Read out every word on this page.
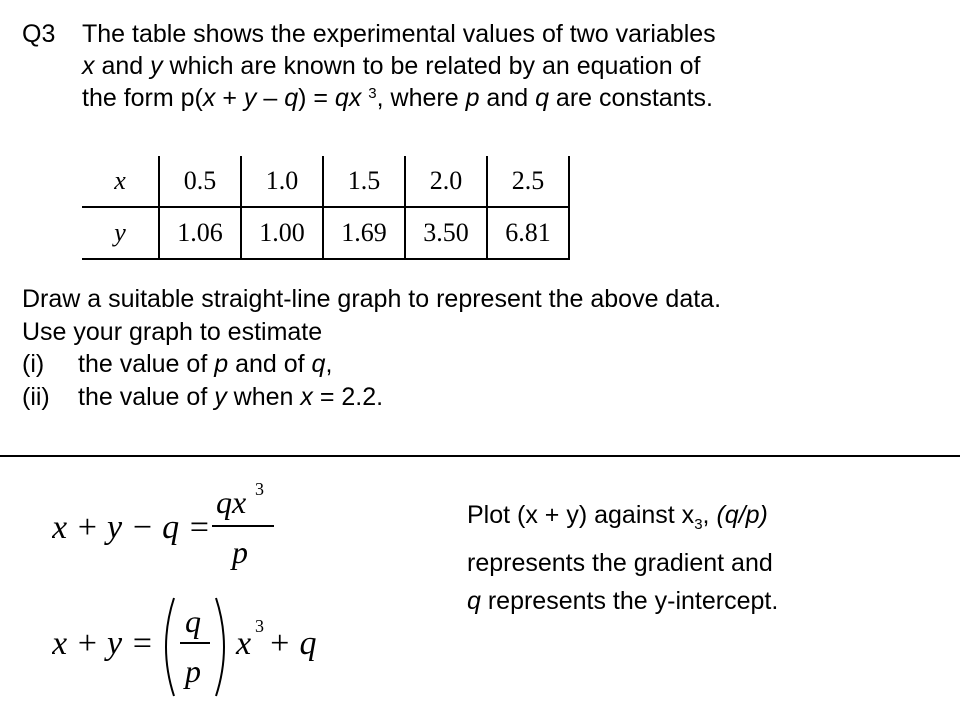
Q3 The table shows the experimental values of two variables
x and y which are known to be related by an equation of
the form p(x + y – q) = qx $^3$, where p and q are constants.
x	0.5	1.0	1.5	2.0	2.5
y	1.06	1.00	1.69	3.50	6.81
Draw a suitable straight-line graph to represent the above data.
Use your graph to estimate
(i) the value of p and of q,
(ii) the value of y when x = 2.2.
x + y − q =
qx 3
p
x + y =
q
p
x 3 + q
Plot (x + y) against $x_3$, (q/p)
represents the gradient and
q represents the y-intercept.
